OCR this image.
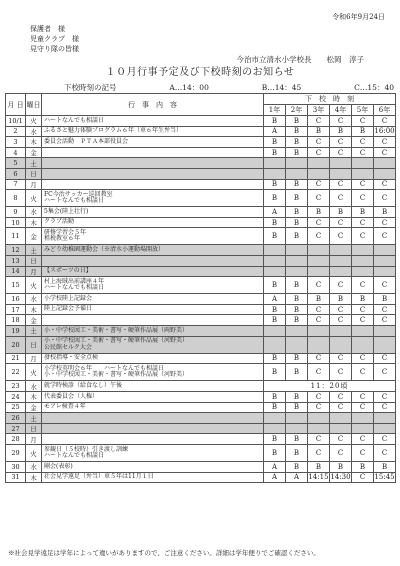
令和6年9月24日
保護者　様
児童クラブ　様
見守り隊の皆様
今治市立清水小学校長　　松岡　淳子
１０月行事予定及び下校時刻のお知らせ
下校時刻の記号	A…14：00	B…14：45	C…15：40
月 日	曜日	行　事　内　容	下　校　時　刻					
			1年	2年	3年	4年	5年	6年
10/1	火	ハートなんでも相談日	B	B	C	C	C	C
2	水	ふるさと魅力体験プログラム６年（車６年生弁当）	A	B	B	B	B	16:00
3	木	委員会活動　ＰＴＡ本部役員会	B	B	C	C	C	C
4	金		B	B	C	C	C	C
5	土	

6	日	

7	月		B	B	C	C	C	C
8	火	FC今治サッカー巡回教室
ハートなんでも相談日	B	B	C	C	C	C
9	水	5集会(陸上壮行)	A	B	B	B	B	B
10	木	クラブ活動	B	B	C	C	C	C
11	金	研修学習会５年
租税教室６年	B	B	C	C	C	C
12	土	みどり幼稚園運動会（※清水小運動場開放）						

13	日	

14	月	【スポーツの日】						

15	火	村上海賊出前講座４年
ハートなんでも相談日	B	B	C	C	C	C
16	水	小学校陸上記録会	A	B	B	B	B	B
17	木	陸上記録会予備日	B	B	C	C	C	C
18	金		B	B	C	C	C	C
19	土	小・中学校図工・美術・書写・硬筆作品展（両野美）						

20	日	小・中学校図工・美術・書写・硬筆作品展（河野美）
公民館セルク大会						

21	月	發校指導・安全点検	B	B	C	C	C	C
22	火	小学校英明会６年　　ハートなんでも相談日
小・中学校図工・美術・書写・硬筆作品展（河野美）	B	B	C	C	C	C
23	水	就学時検診（給食なし）午後	11：20頃					
24	木	代表委員会（人権）	B	B	C	C	C	C
25	金	モアレ検査４年	B	B	C	C	C	C
26	土	

27	日	

28	月		B	B	C	C	C	C
29	火	参観日（５校時）引き渡し訓練
ハートなんでも相談日	B	B	C	C	C	C
30	水	剛会(表彰)	A	B	B	B	B	B
31	木	社会見学遠足（弁当）車５年は11月１日	A	A	14:15	14:30	C	15:45
※社会見学遠足は学年によって違いがありますので、ご注意ください。詳細は学年便りでご確認ください。
